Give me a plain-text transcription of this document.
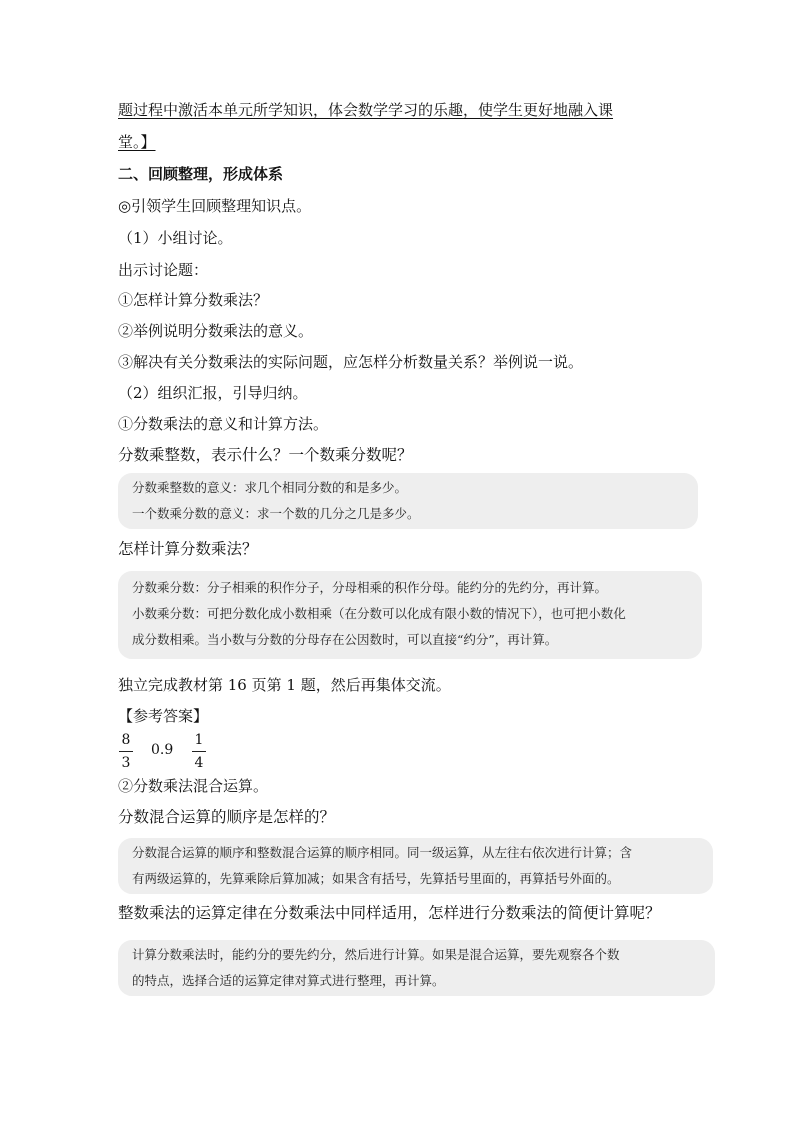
题过程中激活本单元所学知识，体会数学学习的乐趣，使学生更好地融入课
堂。】
二、回顾整理，形成体系
◎引领学生回顾整理知识点。
（1）小组讨论。
出示讨论题：
①怎样计算分数乘法？
②举例说明分数乘法的意义。
③解决有关分数乘法的实际问题，应怎样分析数量关系？举例说一说。
（2）组织汇报，引导归纳。
①分数乘法的意义和计算方法。
分数乘整数，表示什么？一个数乘分数呢？
分数乘整数的意义：求几个相同分数的和是多少。
一个数乘分数的意义：求一个数的几分之几是多少。
怎样计算分数乘法？
分数乘分数：分子相乘的积作分子，分母相乘的积作分母。能约分的先约分，再计算。
小数乘分数：可把分数化成小数相乘（在分数可以化成有限小数的情况下），也可把小数化
成分数相乘。当小数与分数的分母存在公因数时，可以直接“约分”，再计算。
独立完成教材第 16 页第 1 题，然后再集体交流。
【参考答案】
8
3
0.9
1
4
②分数乘法混合运算。
分数混合运算的顺序是怎样的？
分数混合运算的顺序和整数混合运算的顺序相同。同一级运算，从左往右依次进行计算；含
有两级运算的，先算乘除后算加减；如果含有括号，先算括号里面的，再算括号外面的。
整数乘法的运算定律在分数乘法中同样适用，怎样进行分数乘法的简便计算呢？
计算分数乘法时，能约分的要先约分，然后进行计算。如果是混合运算，要先观察各个数
的特点，选择合适的运算定律对算式进行整理，再计算。
